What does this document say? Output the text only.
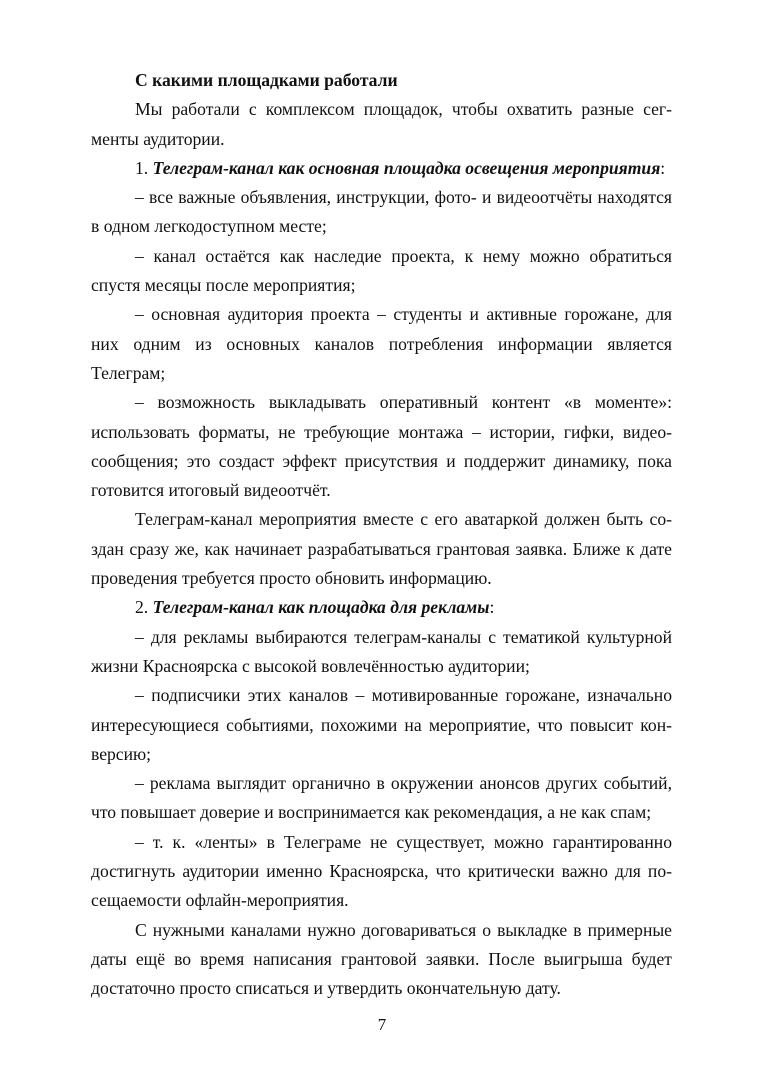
С какими площадками работали

Мы работали с комплексом площадок, чтобы охватить разные сегменты аудитории.

1. Телеграм-канал как основная площадка освещения мероприятия:

– все важные объявления, инструкции, фото- и видеоотчёты находятся в одном легкодоступном месте;

– канал остаётся как наследие проекта, к нему можно обратиться спустя месяцы после мероприятия;

– основная аудитория проекта – студенты и активные горожане, для них одним из основных каналов потребления информации является Телеграм;

– возможность выкладывать оперативный контент «в моменте»: использовать форматы, не требующие монтажа – истории, гифки, видеосообщения; это создаст эффект присутствия и поддержит динамику, пока готовится итоговый видеоотчёт.

Телеграм-канал мероприятия вместе с его аватаркой должен быть создан сразу же, как начинает разрабатываться грантовая заявка. Ближе к дате проведения требуется просто обновить информацию.

2. Телеграм-канал как площадка для рекламы:

– для рекламы выбираются телеграм-каналы с тематикой культурной жизни Красноярска с высокой вовлечённостью аудитории;

– подписчики этих каналов – мотивированные горожане, изначально интересующиеся событиями, похожими на мероприятие, что повысит конверсию;

– реклама выглядит органично в окружении анонсов других событий, что повышает доверие и воспринимается как рекомендация, а не как спам;

– т. к. «ленты» в Телеграме не существует, можно гарантированно достигнуть аудитории именно Красноярска, что критически важно для посещаемости офлайн-мероприятия.

С нужными каналами нужно договариваться о выкладке в примерные даты ещё во время написания грантовой заявки. После выигрыша будет достаточно просто списаться и утвердить окончательную дату.

7
